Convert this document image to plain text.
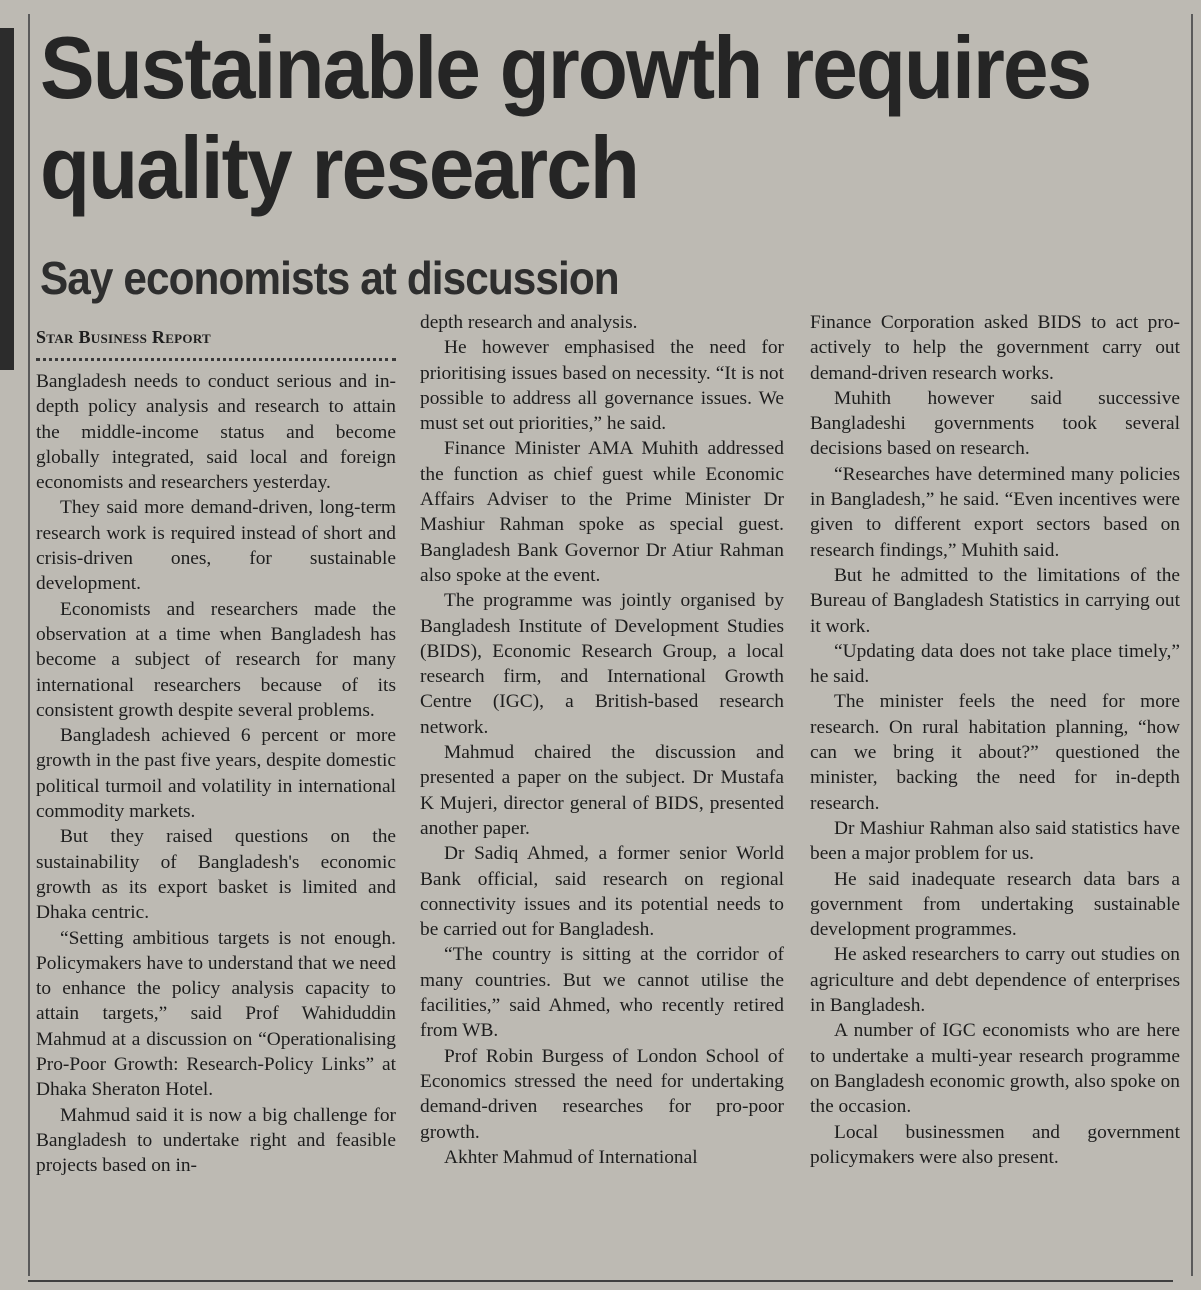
Sustainable growth requires quality research
Say economists at discussion
Star Business Report

Bangladesh needs to conduct serious and in-depth policy analysis and research to attain the middle-income status and become globally integrated, said local and foreign economists and researchers yesterday.

They said more demand-driven, long-term research work is required instead of short and crisis-driven ones, for sustainable development.

Economists and researchers made the observation at a time when Bangladesh has become a subject of research for many international researchers because of its consistent growth despite several problems.

Bangladesh achieved 6 percent or more growth in the past five years, despite domestic political turmoil and volatility in international commodity markets.

But they raised questions on the sustainability of Bangladesh's economic growth as its export basket is limited and Dhaka centric.

“Setting ambitious targets is not enough. Policymakers have to understand that we need to enhance the policy analysis capacity to attain targets,” said Prof Wahiduddin Mahmud at a discussion on “Operationalising Pro-Poor Growth: Research-Policy Links” at Dhaka Sheraton Hotel.

Mahmud said it is now a big challenge for Bangladesh to undertake right and feasible projects based on in-

depth research and analysis.

He however emphasised the need for prioritising issues based on necessity. “It is not possible to address all governance issues. We must set out priorities,” he said.

Finance Minister AMA Muhith addressed the function as chief guest while Economic Affairs Adviser to the Prime Minister Dr Mashiur Rahman spoke as special guest. Bangladesh Bank Governor Dr Atiur Rahman also spoke at the event.

The programme was jointly organised by Bangladesh Institute of Development Studies (BIDS), Economic Research Group, a local research firm, and International Growth Centre (IGC), a British-based research network.

Mahmud chaired the discussion and presented a paper on the subject. Dr Mustafa K Mujeri, director general of BIDS, presented another paper.

Dr Sadiq Ahmed, a former senior World Bank official, said research on regional connectivity issues and its potential needs to be carried out for Bangladesh.

“The country is sitting at the corridor of many countries. But we cannot utilise the facilities,” said Ahmed, who recently retired from WB.

Prof Robin Burgess of London School of Economics stressed the need for undertaking demand-driven researches for pro-poor growth.

Akhter Mahmud of International

Finance Corporation asked BIDS to act pro-actively to help the government carry out demand-driven research works.

Muhith however said successive Bangladeshi governments took several decisions based on research.

“Researches have determined many policies in Bangladesh,” he said. “Even incentives were given to different export sectors based on research findings,” Muhith said.

But he admitted to the limitations of the Bureau of Bangladesh Statistics in carrying out it work.

“Updating data does not take place timely,” he said.

The minister feels the need for more research. On rural habitation planning, “how can we bring it about?” questioned the minister, backing the need for in-depth research.

Dr Mashiur Rahman also said statistics have been a major problem for us.

He said inadequate research data bars a government from undertaking sustainable development programmes.

He asked researchers to carry out studies on agriculture and debt dependence of enterprises in Bangladesh.

A number of IGC economists who are here to undertake a multi-year research programme on Bangladesh economic growth, also spoke on the occasion.

Local businessmen and government policymakers were also present.
